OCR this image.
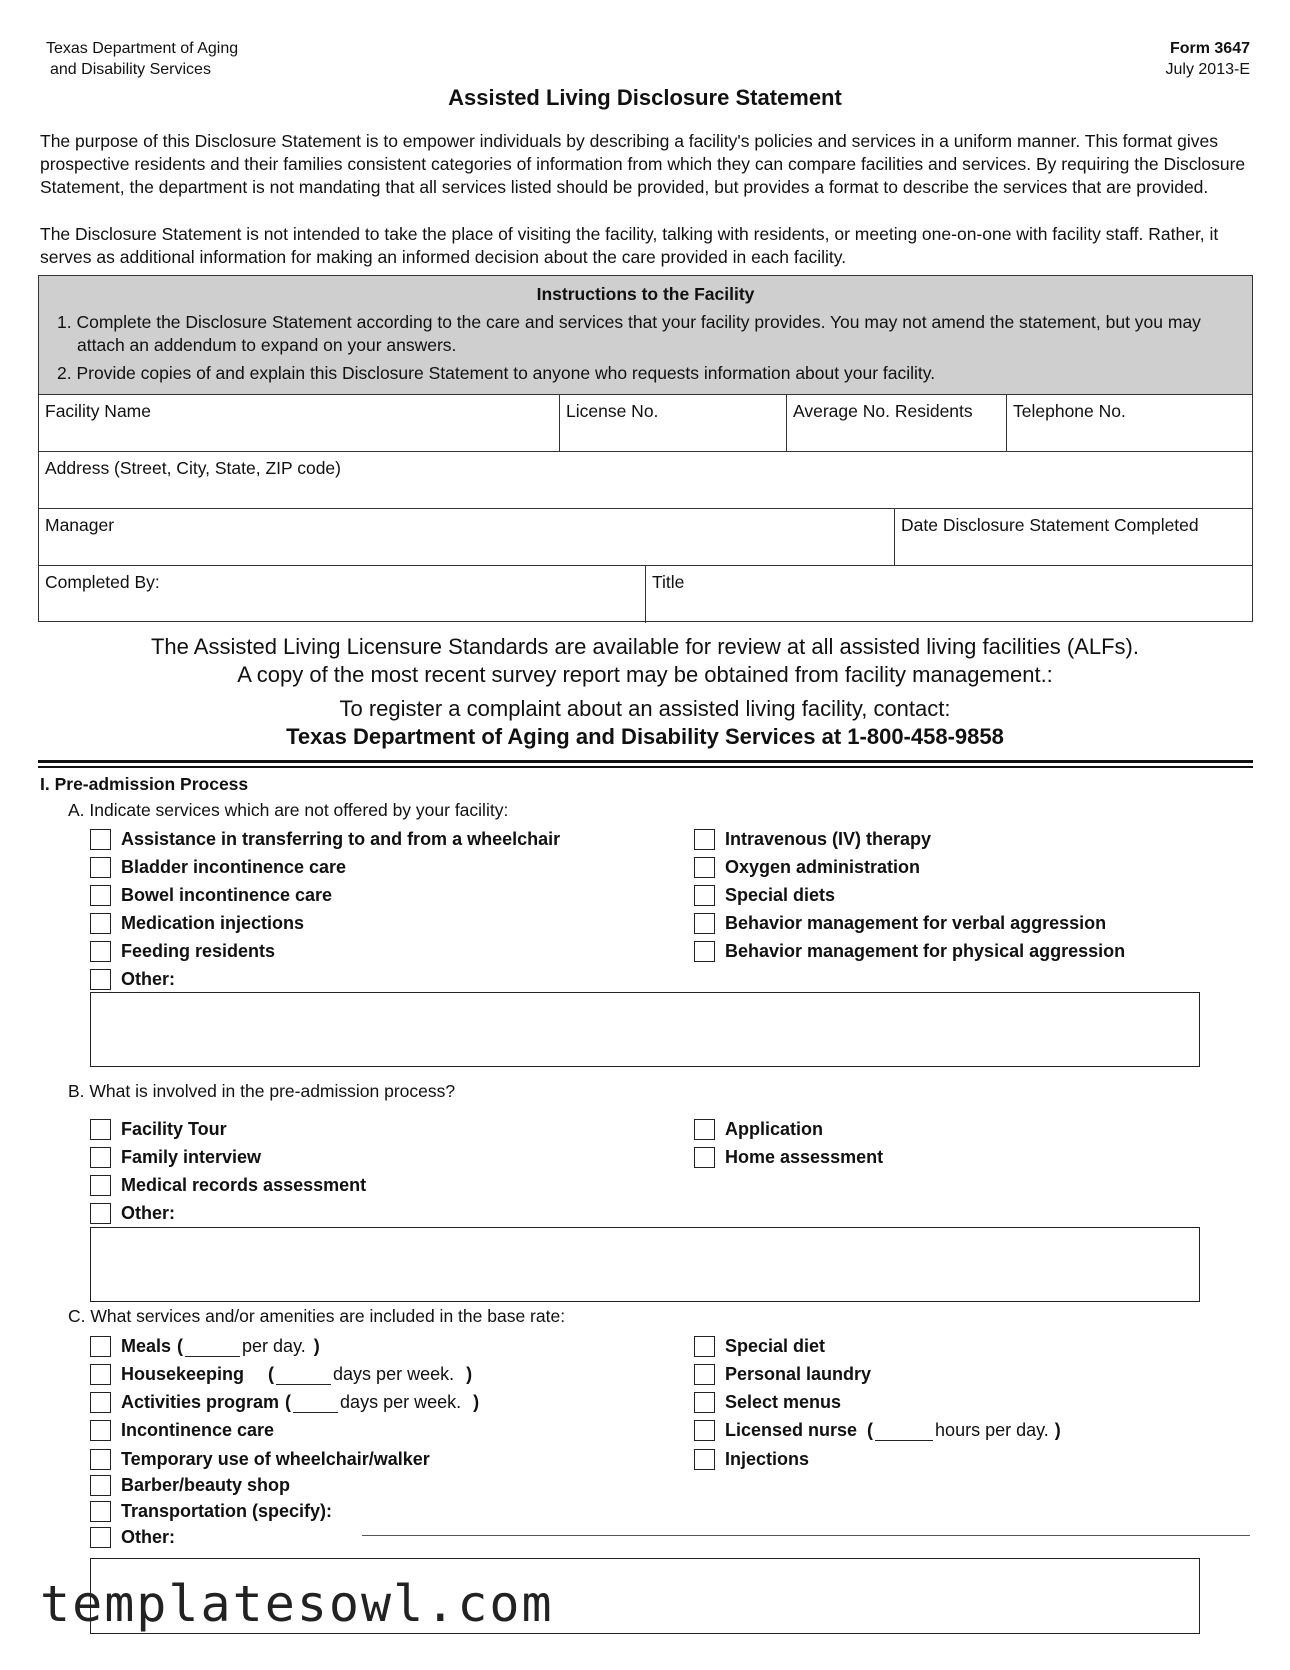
Texas Department of Aging
and Disability Services
Form 3647
July 2013-E
Assisted Living Disclosure Statement
The purpose of this Disclosure Statement is to empower individuals by describing a facility's policies and services in a uniform manner. This format gives prospective residents and their families consistent categories of information from which they can compare facilities and services. By requiring the Disclosure Statement, the department is not mandating that all services listed should be provided, but provides a format to describe the services that are provided.
The Disclosure Statement is not intended to take the place of visiting the facility, talking with residents, or meeting one-on-one with facility staff. Rather, it serves as additional information for making an informed decision about the care provided in each facility.
Instructions to the Facility
1. Complete the Disclosure Statement according to the care and services that your facility provides. You may not amend the statement, but you may attach an addendum to expand on your answers.
2. Provide copies of and explain this Disclosure Statement to anyone who requests information about your facility.
Facility Name	License No.	Average No. Residents	Telephone No.
Address (Street, City, State, ZIP code)
Manager	Date Disclosure Statement Completed
Completed By:	Title
The Assisted Living Licensure Standards are available for review at all assisted living facilities (ALFs).
A copy of the most recent survey report may be obtained from facility management.:
To register a complaint about an assisted living facility, contact:
Texas Department of Aging and Disability Services at 1-800-458-9858
I. Pre-admission Process
A. Indicate services which are not offered by your facility:
Assistance in transferring to and from a wheelchair
Bladder incontinence care
Bowel incontinence care
Medication injections
Feeding residents
Other:
Intravenous (IV) therapy
Oxygen administration
Special diets
Behavior management for verbal aggression
Behavior management for physical aggression
B. What is involved in the pre-admission process?
Facility Tour
Family interview
Medical records assessment
Other:
Application
Home assessment
C. What services and/or amenities are included in the base rate:
Meals (	per day. )
Housekeeping (	days per week. )
Activities program (	days per week. )
Incontinence care
Temporary use of wheelchair/walker
Barber/beauty shop
Transportation (specify):
Other:
Special diet
Personal laundry
Select menus
Licensed nurse (	hours per day. )
Injections
templatesowl.com
